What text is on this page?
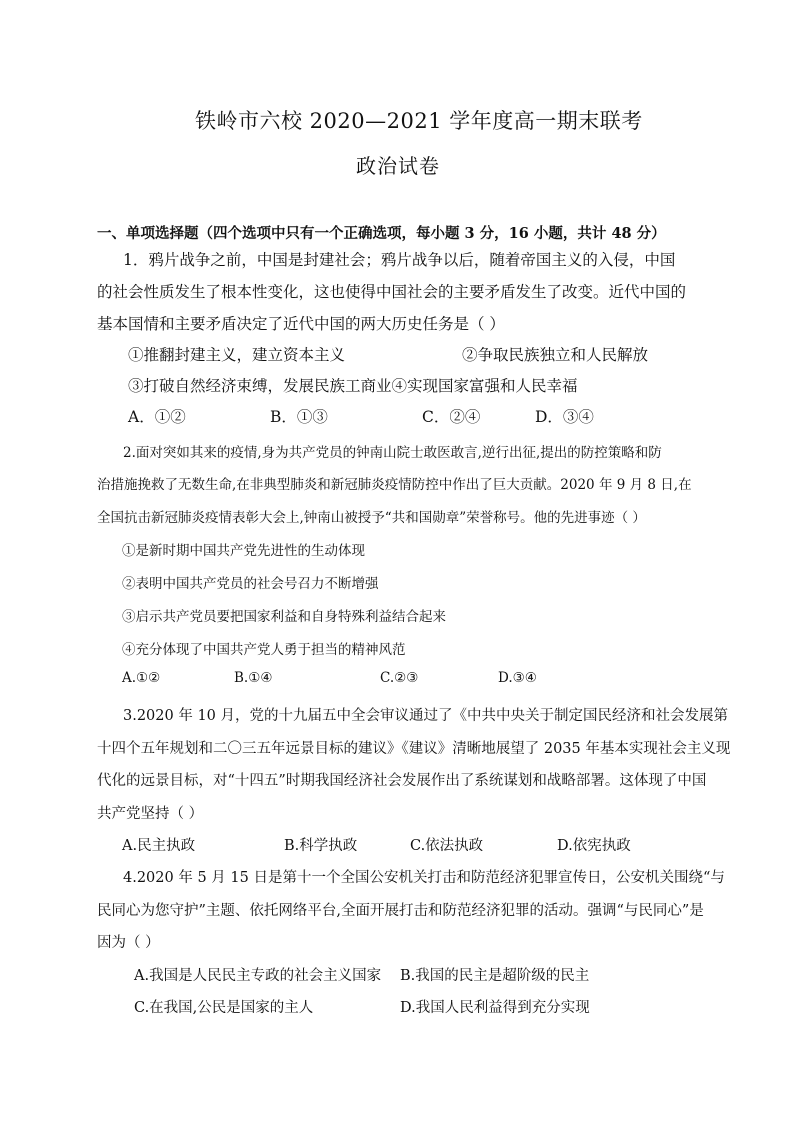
铁岭市六校 2020—2021 学年度高一期末联考
政治试卷
一、单项选择题（四个选项中只有一个正确选项，每小题 3 分，16 小题，共计 48 分）
1．鸦片战争之前，中国是封建社会；鸦片战争以后，随着帝国主义的入侵，中国
的社会性质发生了根本性变化，这也使得中国社会的主要矛盾发生了改变。近代中国的
基本国情和主要矛盾决定了近代中国的两大历史任务是（ ）
①推翻封建主义，建立资本主义	②争取民族独立和人民解放
③打破自然经济束缚，发展民族工商业④实现国家富强和人民幸福
A．①②	B．①③	C．②④	D．③④
2.面对突如其来的疫情,身为共产党员的钟南山院士敢医敢言,逆行出征,提出的防控策略和防
治措施挽救了无数生命,在非典型肺炎和新冠肺炎疫情防控中作出了巨大贡献。2020 年 9 月 8 日,在
全国抗击新冠肺炎疫情表彰大会上,钟南山被授予“共和国勋章”荣誉称号。他的先进事迹（ ）
①是新时期中国共产党先进性的生动体现
②表明中国共产党员的社会号召力不断增强
③启示共产党员要把国家利益和自身特殊利益结合起来
④充分体现了中国共产党人勇于担当的精神风范
A.①②	B.①④	C.②③	D.③④
3.2020 年 10 月，党的十九届五中全会审议通过了《中共中央关于制定国民经济和社会发展第
十四个五年规划和二〇三五年远景目标的建议》《建议》清晰地展望了 2035 年基本实现社会主义现
代化的远景目标，对“十四五”时期我国经济社会发展作出了系统谋划和战略部署。这体现了中国
共产党坚持（ ）
A.民主执政	B.科学执政	C.依法执政	D.依宪执政
4.2020 年 5 月 15 日是第十一个全国公安机关打击和防范经济犯罪宣传日，公安机关围绕“与
民同心为您守护”主题、依托网络平台,全面开展打击和防范经济犯罪的活动。强调“与民同心”是
因为（ ）
A.我国是人民民主专政的社会主义国家 B.我国的民主是超阶级的民主
C.在我国,公民是国家的主人	D.我国人民利益得到充分实现
